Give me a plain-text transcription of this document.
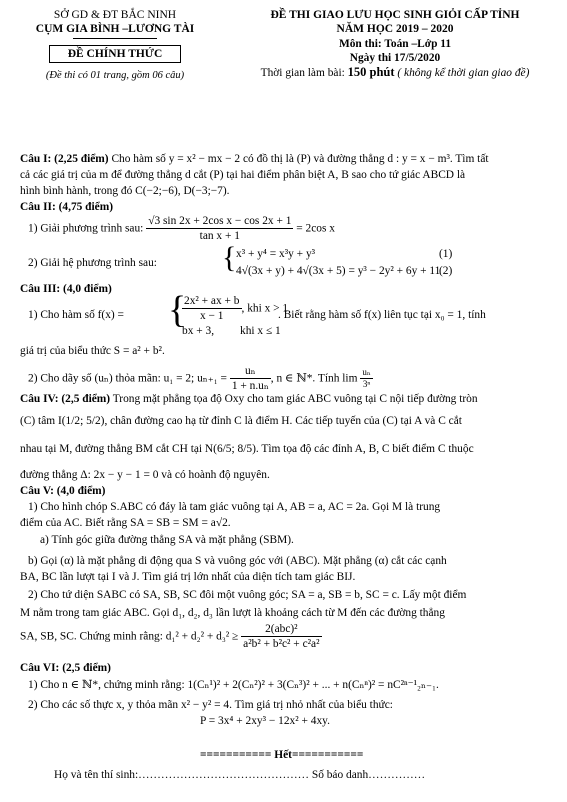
SỞ GD & ĐT BẮC NINH
CỤM GIA BÌNH –LƯƠNG TÀI
ĐỀ CHÍNH THỨC
(Đề thi có 01 trang, gồm 06 câu)
ĐỀ THI GIAO LƯU HỌC SINH GIỎI CẤP TỈNH
NĂM HỌC 2019 – 2020
Môn thi: Toán –Lớp 11
Ngày thi 17/5/2020
Thời gian làm bài: 150 phút ( không kể thời gian giao đề)
Câu I: (2,25 điểm) Cho hàm số y = x² − mx − 2 có đồ thị là (P) và đường thẳng d : y = x − m³. Tìm tất
cả các giá trị của m để đường thẳng d cắt (P) tại hai điểm phân biệt A, B sao cho tứ giác ABCD là
hình bình hành, trong đó C(−2;−6), D(−3;−7).
Câu II: (4,75 điểm)
1) Giải phương trình sau: $\frac{\text{√3 sin 2x + 2cos x − cos 2x + 1}}{\text{tan x + 1}} = 2\cos$ x
2) Giải hệ phương trình sau: { x³ + y⁴ = x³y + y³
4√(3x + y) + 4√(3x + 5) = y³ − 2y² + 6y + 11
(1)
(2)
Câu III: (4,0 điểm)
1) Cho hàm số f(x) = {
$\frac{\text{2x² + ax + b}}{x - 1}$ , khi x > 1
bx + 3, khi x ≤ 1
. Biết rằng hàm số f(x) liên tục tại x₀ = 1, tính
giá trị của biểu thức S = a² + b².
2) Cho dãy số (uₙ) thỏa mãn: u₁ = 2; $u_{n+1} = \frac{\text{uₙ}}{\text{1 + n.uₙ}}$ , n ∈ ℕ*. Tính $\lim \frac{\text{uₙ}}{\text{3ⁿ}}$
Câu IV: (2,5 điểm) Trong mặt phẳng tọa độ Oxy cho tam giác ABC vuông tại C nội tiếp đường tròn
(C) tâm I(1/2; 5/2), chân đường cao hạ từ đỉnh C là điểm H. Các tiếp tuyến của (C) tại A và C cắt
nhau tại M, đường thẳng BM cắt CH tại N(6/5; 8/5). Tìm tọa độ các đỉnh A, B, C biết điểm C thuộc
đường thẳng Δ: 2x − y − 1 = 0 và có hoành độ nguyên.
Câu V: (4,0 điểm)
1) Cho hình chóp S.ABC có đáy là tam giác vuông tại A, AB = a, AC = 2a. Gọi M là trung
điểm của AC. Biết rằng SA = SB = SM = a√2.
a) Tính góc giữa đường thẳng SA và mặt phẳng (SBM).
b) Gọi (α) là mặt phẳng di động qua S và vuông góc với (ABC). Mặt phẳng (α) cắt các cạnh
BA, BC lần lượt tại I và J. Tìm giá trị lớn nhất của diện tích tam giác BIJ.
2) Cho tứ diện SABC có SA, SB, SC đôi một vuông góc; SA = a, SB = b, SC = c. Lấy một điểm
M nằm trong tam giác ABC. Gọi d₁, d₂, d₃ lần lượt là khoảng cách từ M đến các đường thẳng
SA, SB, SC. Chứng minh rằng: $d_1^2 + d_2^2 + d_3^2 \ge \frac{\text{2(abc)²}}{\text{a²b² + b²c² + c²a²}}$
Câu VI: (2,5 điểm)
1) Cho n ∈ ℕ*, chứng minh rằng: 1(Cₙ¹)² + 2(Cₙ²)² + 3(Cₙ³)² + ... + n(Cₙⁿ)² = nC²ⁿ⁻¹₂ₙ₋₁.
2) Cho các số thực x, y thỏa mãn x² − y² = 4. Tìm giá trị nhỏ nhất của biểu thức:
P = 3x⁴ + 2xy³ − 12x² + 4xy.
=========== Hết===========
Họ và tên thí sinh:……………………………………… Số báo danh……………
